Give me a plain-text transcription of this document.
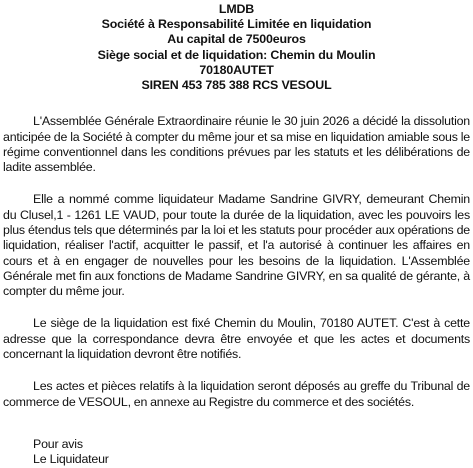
LMDB
Société à Responsabilité Limitée en liquidation
Au capital de 7500euros
Siège social et de liquidation: Chemin du Moulin
70180AUTET
SIREN 453 785 388 RCS VESOUL

L'Assemblée Générale Extraordinaire réunie le 30 juin 2026 a décidé la dissolution anticipée de la Société à compter du même jour et sa mise en liquidation amiable sous le régime conventionnel dans les conditions prévues par les statuts et les délibérations de ladite assemblée.

Elle a nommé comme liquidateur Madame Sandrine GIVRY, demeurant Chemin du Clusel,1 - 1261 LE VAUD, pour toute la durée de la liquidation, avec les pouvoirs les plus étendus tels que déterminés par la loi et les statuts pour procéder aux opérations de liquidation, réaliser l'actif, acquitter le passif, et l'a autorisé à continuer les affaires en cours et à en engager de nouvelles pour les besoins de la liquidation. L'Assemblée Générale met fin aux fonctions de Madame Sandrine GIVRY, en sa qualité de gérante, à compter du même jour.

Le siège de la liquidation est fixé Chemin du Moulin, 70180 AUTET. C'est à cette adresse que la correspondance devra être envoyée et que les actes et documents concernant la liquidation devront être notifiés.

Les actes et pièces relatifs à la liquidation seront déposés au greffe du Tribunal de commerce de VESOUL, en annexe au Registre du commerce et des sociétés.

Pour avis
Le Liquidateur
